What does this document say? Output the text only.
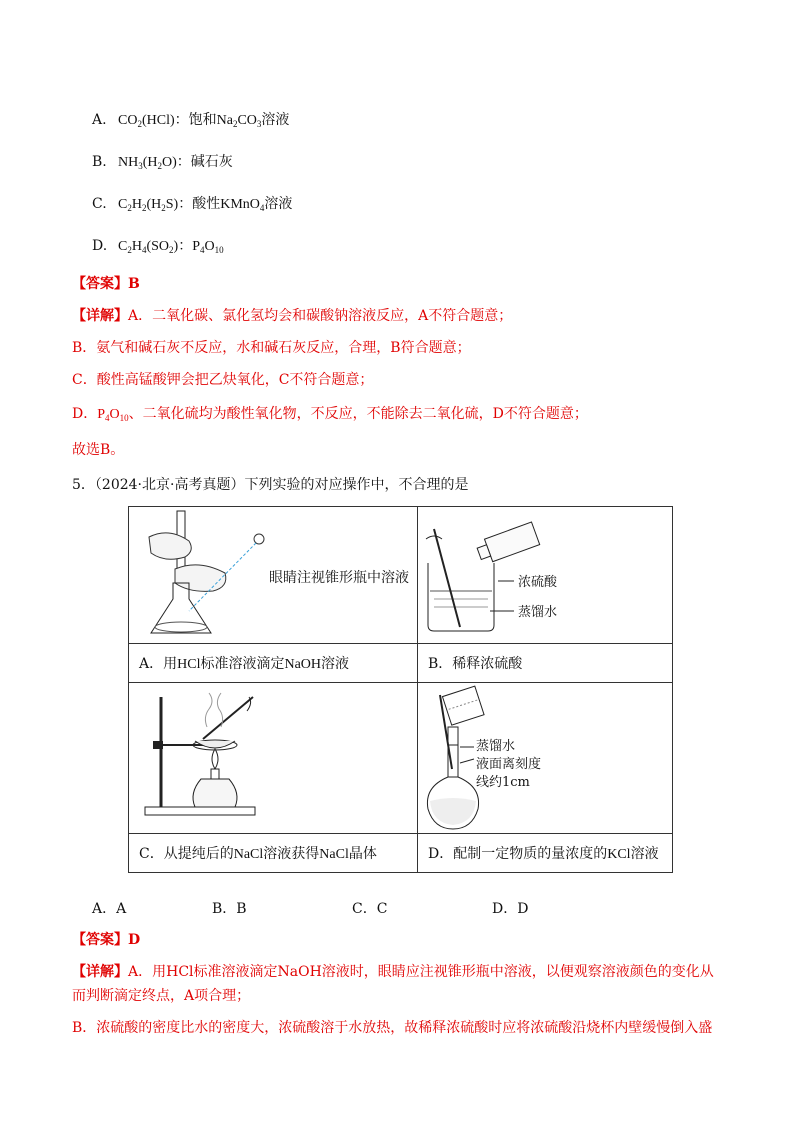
A. $CO_2(HCl)$：饱和$Na_2CO_3$溶液
B. $NH_3(H_2O)$：碱石灰
C. $C_2H_2(H_2S)$：酸性KMnO$_4$溶液
D. $C_2H_4(SO_2)$：$P_4O_{10}$
【答案】B
【详解】A．二氧化碳、氯化氢均会和碳酸钠溶液反应，A不符合题意；
B．氨气和碱石灰不反应，水和碱石灰反应，合理，B符合题意；
C．酸性高锰酸钾会把乙炔氧化，C不符合题意；
D．$P_4O_{10}$、二氧化硫均为酸性氧化物，不反应，不能除去二氧化硫，D不符合题意；
故选B。
5．（2024·北京·高考真题）下列实验的对应操作中，不合理的是
眼睛注视锥形瓶中溶液	浓硫酸
蒸馏水

A．用HCl标准溶液滴定NaOH溶液	B．稀释浓硫酸

蒸馏水
液面离刻度
线约1cm

C．从提纯后的NaCl溶液获得NaCl晶体	D．配制一定物质的量浓度的KCl溶液
A．A	B．B	C．C	D．D
【答案】D
【详解】A．用HCl标准溶液滴定NaOH溶液时，眼睛应注视锥形瓶中溶液，以便观察溶液颜色的变化从
而判断滴定终点，A项合理；
B．浓硫酸的密度比水的密度大，浓硫酸溶于水放热，故稀释浓硫酸时应将浓硫酸沿烧杯内壁缓慢倒入盛
